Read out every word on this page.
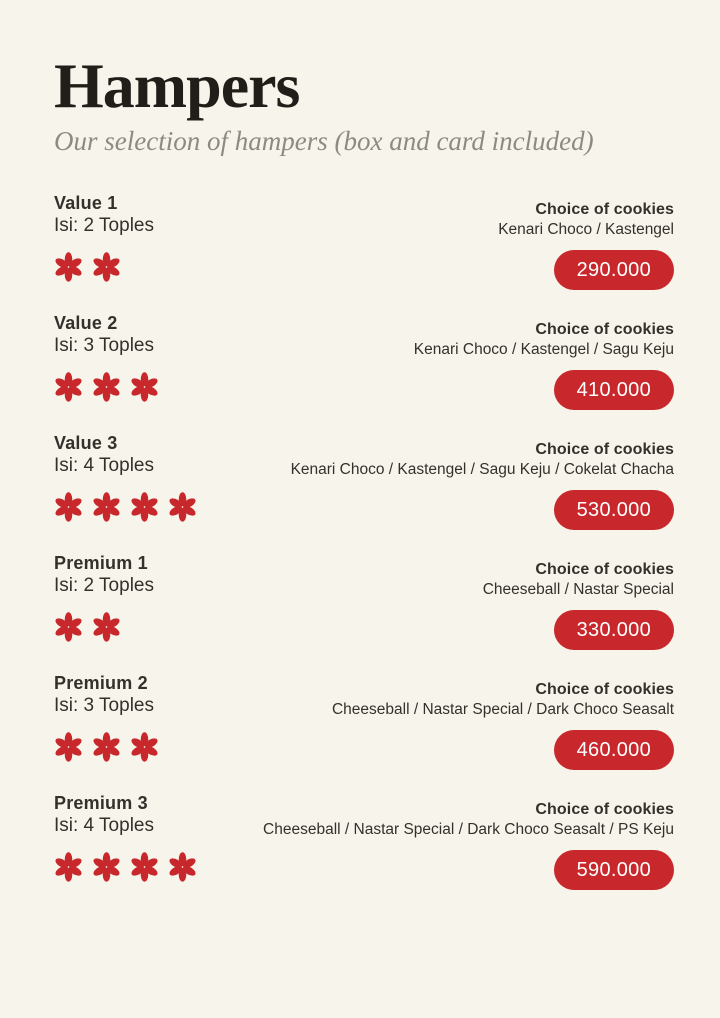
Hampers
Our selection of hampers (box and card included)
Value 1
Isi: 2 Toples
Choice of cookies
Kenari Choco / Kastengel
290.000
Value 2
Isi: 3 Toples
Choice of cookies
Kenari Choco / Kastengel / Sagu Keju
410.000
Value 3
Isi: 4 Toples
Choice of cookies
Kenari Choco / Kastengel / Sagu Keju / Cokelat Chacha
530.000
Premium 1
Isi: 2 Toples
Choice of cookies
Cheeseball / Nastar Special
330.000
Premium 2
Isi: 3 Toples
Choice of cookies
Cheeseball / Nastar Special / Dark Choco Seasalt
460.000
Premium 3
Isi: 4 Toples
Choice of cookies
Cheeseball / Nastar Special / Dark Choco Seasalt / PS Keju
590.000
